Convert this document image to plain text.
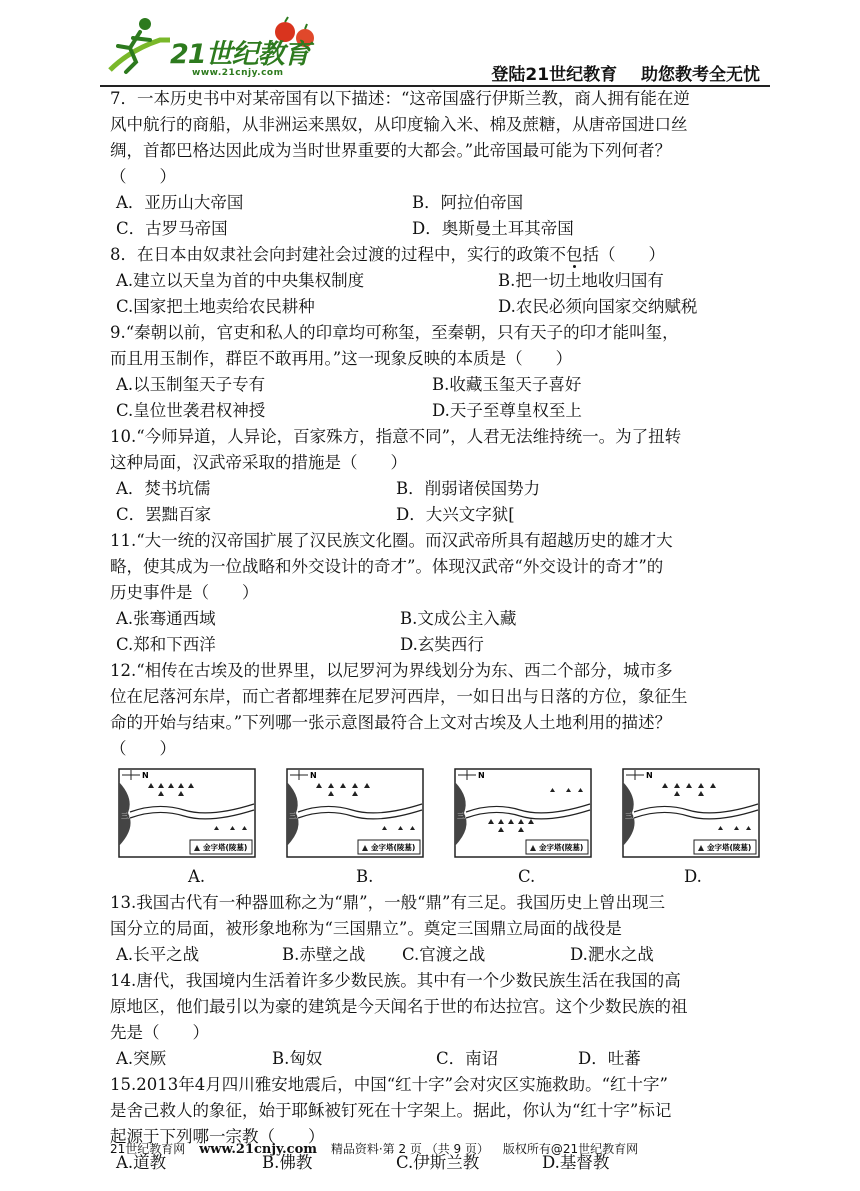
21世纪教育
www.21cnjy.com	登陆21世纪教育 助您教考全无忧

7．一本历史书中对某帝国有以下描述：“这帝国盛行伊斯兰教，商人拥有能在逆

风中航行的商船，从非洲运来黑奴，从印度输入米、棉及蔗糖，从唐帝国进口丝

绸，首都巴格达因此成为当时世界重要的大都会。”此帝国最可能为下列何者？

（　　）

A．亚历山大帝国	B．阿拉伯帝国
C．古罗马帝国	D．奥斯曼土耳其帝国

8．在日本由奴隶社会向封建社会过渡的过程中，实行的政策不包括（　　）

A.建立以天皇为首的中央集权制度	B.把一切土地收归国有
C.国家把土地卖给农民耕种	D.农民必须向国家交纳赋税

9.“秦朝以前，官吏和私人的印章均可称玺，至秦朝，只有天子的印才能叫玺，

而且用玉制作，群臣不敢再用。”这一现象反映的本质是（　　）

A.以玉制玺天子专有	B.收藏玉玺天子喜好
C.皇位世袭君权神授	D.天子至尊皇权至上

10.“今师异道，人异论，百家殊方，指意不同”，人君无法维持统一。为了扭转

这种局面，汉武帝采取的措施是（　　）

A．焚书坑儒	B．削弱诸侯国势力
C．罢黜百家	D．大兴文字狱[

11.“大一统的汉帝国扩展了汉民族文化圈。而汉武帝所具有超越历史的雄才大

略，使其成为一位战略和外交设计的奇才”。体现汉武帝“外交设计的奇才”的

历史事件是（　　）

A.张骞通西域	B.文成公主入藏
C.郑和下西洋	D.玄奘西行

12.“相传在古埃及的世界里，以尼罗河为界线划分为东、西二个部分，城市多

位在尼落河东岸，而亡者都埋葬在尼罗河西岸，一如日出与日落的方位，象征生

命的开始与结束。”下列哪一张示意图最符合上文对古埃及人土地利用的描述？

（　　）

三角
N
金字塔(陵墓)
三角
N
金字塔(陵墓)
三角
N
金字塔(陵墓)
三角
N
金字塔(陵墓)
A.	B.	C.	D.

13.我国古代有一种器皿称之为“鼎”，一般“鼎”有三足。我国历史上曾出现三

国分立的局面，被形象地称为“三国鼎立”。奠定三国鼎立局面的战役是

A.长平之战	B.赤壁之战 C.官渡之战	D.淝水之战

14.唐代，我国境内生活着许多少数民族。其中有一个少数民族生活在我国的高

原地区，他们最引以为豪的建筑是今天闻名于世的布达拉宫。这个少数民族的祖

先是（　　）

A.突厥	B.匈奴	C．南诏	D．吐蕃

15.2013年4月四川雅安地震后，中国“红十字”会对灾区实施救助。“红十字”

是舍己救人的象征，始于耶稣被钉死在十字架上。据此，你认为“红十字”标记

起源于下列哪一宗教（　　）

A.道教	B.佛教	C.伊斯兰教	D.基督教
21世纪教育网 www.21cnjy.com 精品资料·第 2 页 （共 9 页） 版权所有@21世纪教育网
